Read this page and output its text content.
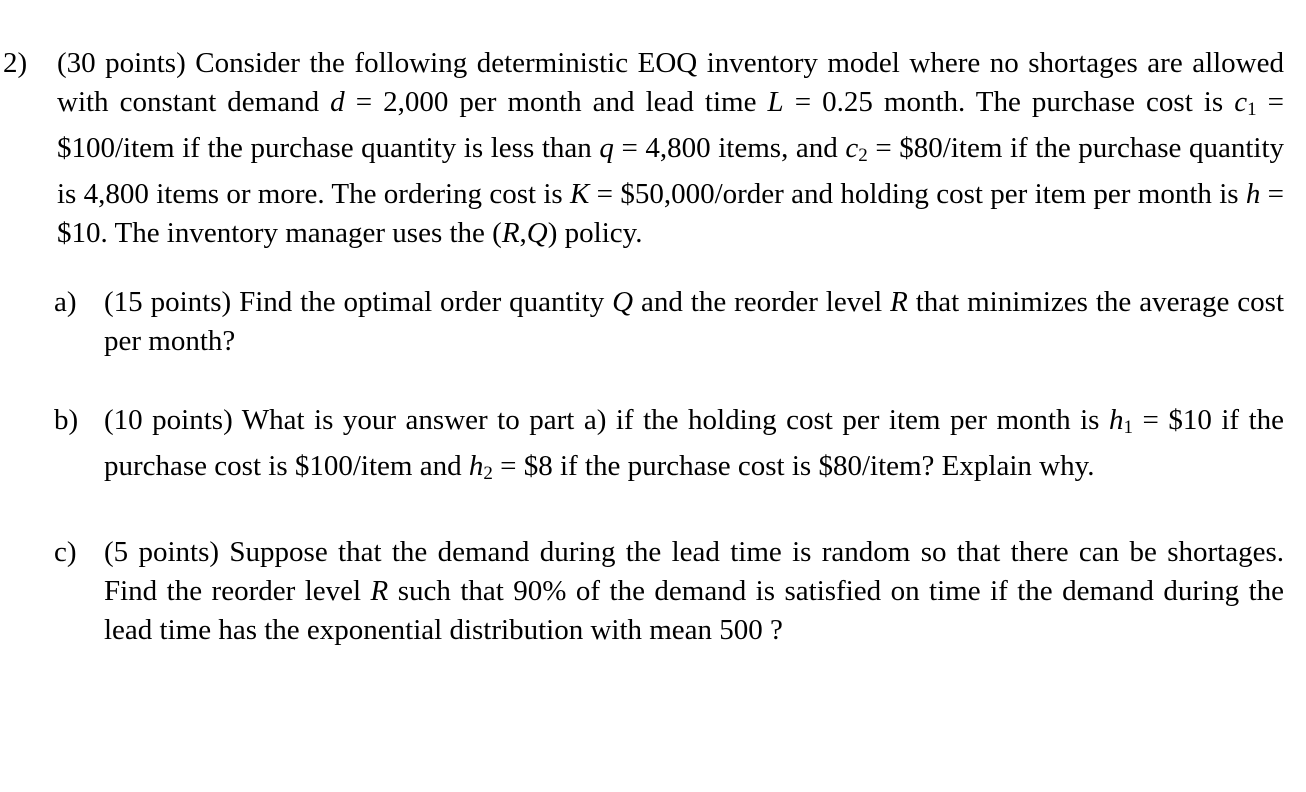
2)	(30 points) Consider the following deterministic EOQ inventory model where no shortages are allowed with constant demand d = 2,000 per month and lead time L = 0.25 month. The purchase cost is $c_1$ = $100/item if the purchase quantity is less than q = 4,800 items, and $c_2$ = $80/item if the purchase quantity is 4,800 items or more. The ordering cost is K = $50,000/order and holding cost per item per month is h = $10. The inventory manager uses the (R,Q) policy.
a) (15 points) Find the optimal order quantity Q and the reorder level R that minimizes the average cost per month?
b) (10 points) What is your answer to part a) if the holding cost per item per month is $h_1$ = $10 if the purchase cost is $100/item and $h_2$ = $8 if the purchase cost is $80/item? Explain why.
c) (5 points) Suppose that the demand during the lead time is random so that there can be shortages. Find the reorder level R such that 90% of the demand is satisfied on time if the demand during the lead time has the exponential distribution with mean 500 ?
